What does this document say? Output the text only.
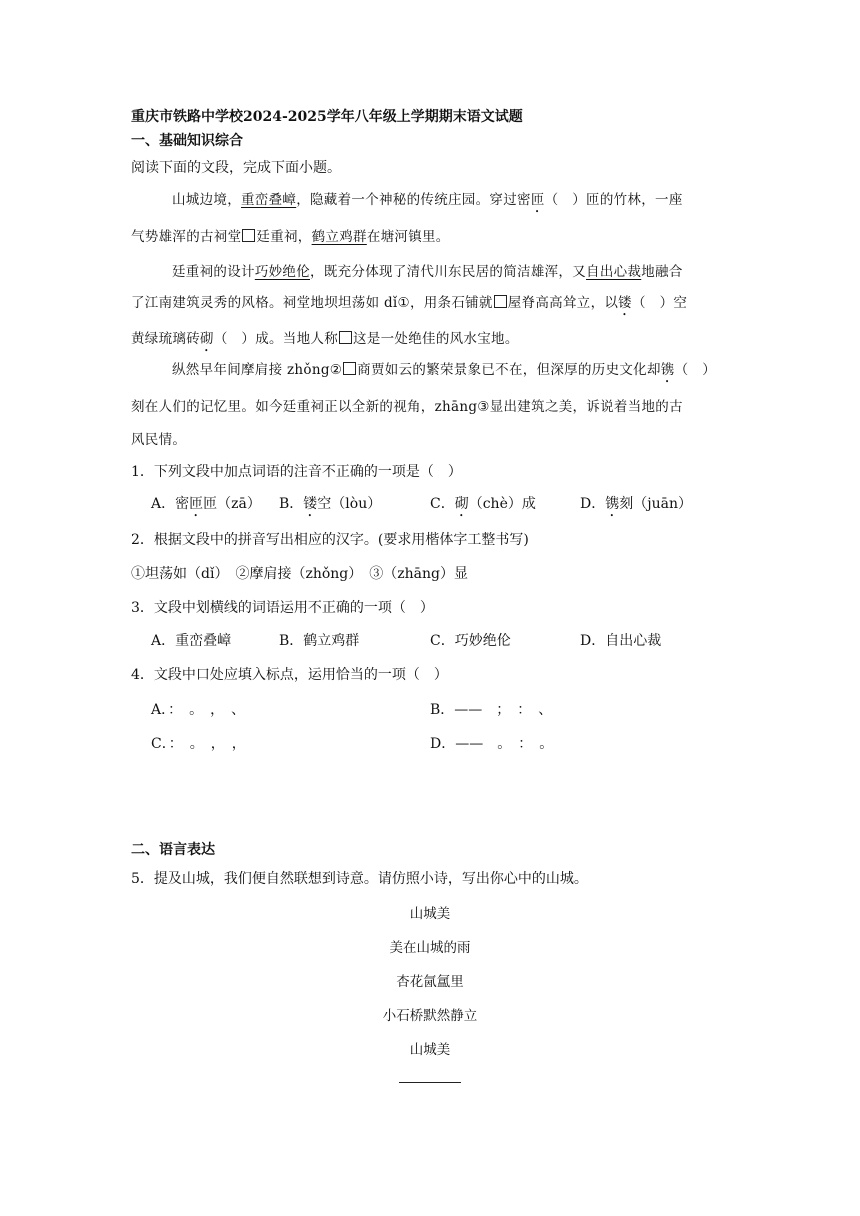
重庆市铁路中学校2024-2025学年八年级上学期期末语文试题
一、基础知识综合
阅读下面的文段，完成下面小题。
山城边境，重峦叠嶂，隐藏着一个神秘的传统庄园。穿过密匝（　）匝的竹林，一座
气势雄浑的古祠堂 廷重祠，鹤立鸡群在塘河镇里。
廷重祠的设计巧妙绝伦，既充分体现了清代川东民居的简洁雄浑，又自出心裁地融合
了江南建筑灵秀的风格。祠堂地坝坦荡如 dǐ①，用条石铺就 屋脊高高耸立，以镂（　）空
黄绿琉璃砖砌（　）成。当地人称 这是一处绝佳的风水宝地。
纵然早年间摩肩接 zhǒng② 商贾如云的繁荣景象已不在，但深厚的历史文化却镌（　）
刻在人们的记忆里。如今廷重祠正以全新的视角，zhāng③显出建筑之美，诉说着当地的古
风民情。
1．下列文段中加点词语的注音不正确的一项是（　）
A．密匝匝（zā） B．镂空（lòu）	C．砌（chè）成	D．镌刻（juān）
2．根据文段中的拼音写出相应的汉字。(要求用楷体字工整书写)
①坦荡如（dǐ）　②摩肩接（zhǒng）　③（zhāng）显
3．文段中划横线的词语运用不正确的一项（　）
A．重峦叠嶂	B．鹤立鸡群	C．巧妙绝伦	D．自出心裁
4．文段中口处应填入标点，运用恰当的一项（　）
A．：　。　，　、	B．——　；　：　、
C．：　。　，　，	D．——　。　：　。
二、语言表达
5．提及山城，我们便自然联想到诗意。请仿照小诗，写出你心中的山城。
山城美
美在山城的雨
杏花氤氲里
小石桥默然静立
山城美
